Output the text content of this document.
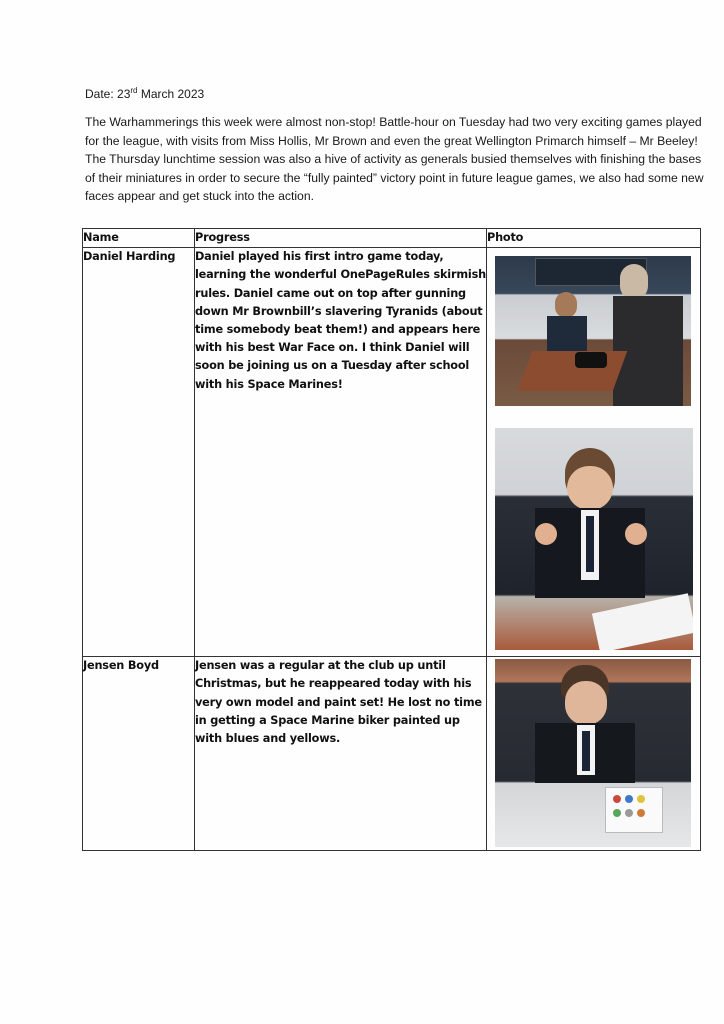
Date: 23rd March 2023
The Warhammerings this week were almost non-stop! Battle-hour on Tuesday had two very exciting games played for the league, with visits from Miss Hollis, Mr Brown and even the great Wellington Primarch himself – Mr Beeley! The Thursday lunchtime session was also a hive of activity as generals busied themselves with finishing the bases of their miniatures in order to secure the “fully painted” victory point in future league games, we also had some new faces appear and get stuck into the action.
Name	Progress	Photo
Daniel Harding	Daniel played his first intro game today, learning the wonderful OnePageRules skirmish rules. Daniel came out on top after gunning down Mr Brownbill’s slavering Tyranids (about time somebody beat them!) and appears here with his best War Face on. I think Daniel will soon be joining us on a Tuesday after school with his Space Marines!	

Jensen Boyd	Jensen was a regular at the club up until Christmas, but he reappeared today with his very own model and paint set! He lost no time in getting a Space Marine biker painted up with blues and yellows.	
